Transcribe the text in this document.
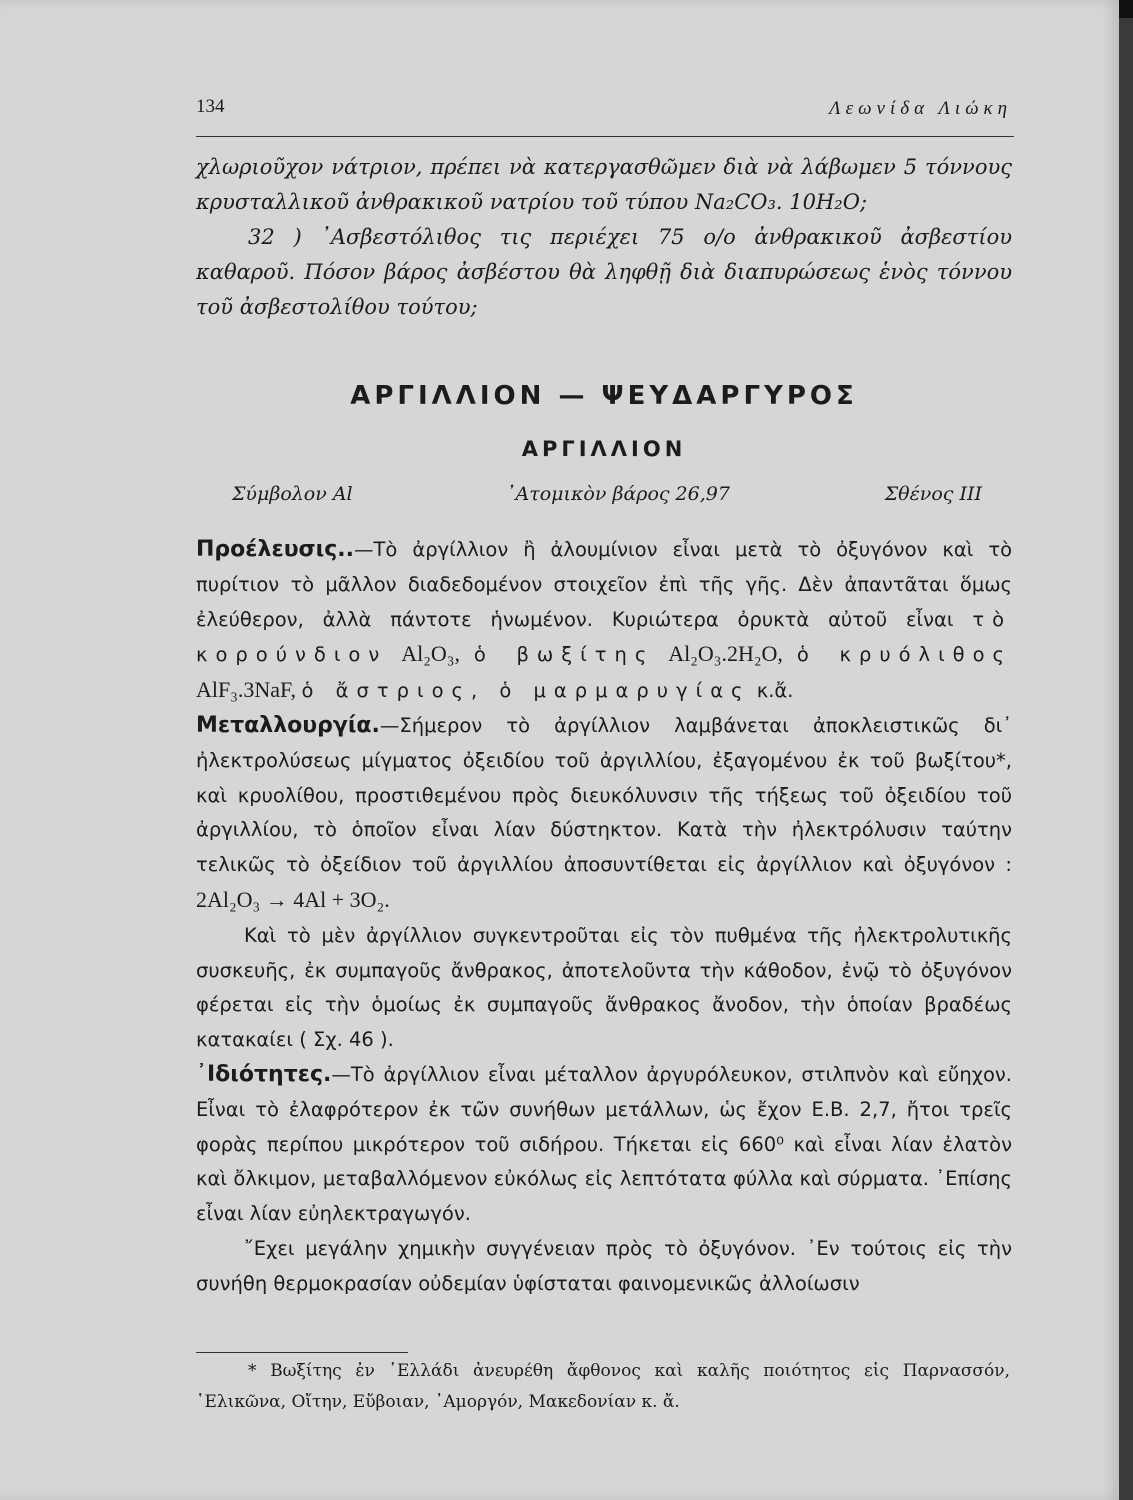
134	Λεωνίδα Λιώκη

χλωριοῦχον νάτριον, πρέπει νὰ κατεργασθῶμεν διὰ νὰ λάβωμεν 5 τόννους κρυσταλλικοῦ ἀνθρακικοῦ νατρίου τοῦ τύπου Na₂CO₃. 10H₂O;

32 ) ᾿Ασβεστόλιθος τις περιέχει 75 ο/ο ἀνθρακικοῦ ἀσβεστίου καθαροῦ. Πόσον βάρος ἀσβέστου θὰ ληφθῇ διὰ διαπυρώσεως ἑνὸς τόννου τοῦ ἀσβεστολίθου τούτου;

ΑΡΓΙΛΛΙΟΝ — ΨΕΥΔΑΡΓΥΡΟΣ
ΑΡΓΙΛΛΙΟΝ
Σύμβολον Al	᾿Ατομικὸν βάρος 26,97	Σθένος III

Προέλευσις..—Τὸ ἀργίλλιον ἢ ἀλουμίνιον εἶναι μετὰ τὸ ὀξυγόνον καὶ τὸ πυρίτιον τὸ μᾶλλον διαδεδομένον στοιχεῖον ἐπὶ τῆς γῆς. Δὲν ἀπαντᾶται ὅμως ἐλεύθερον, ἀλλὰ πάντοτε ἡνωμένον. Κυριώτερα ὀρυκτὰ αὐτοῦ εἶναι τὸ κορούνδιον Al₂O₃, ὁ βωξίτης Al₂O₃.2H₂O, ὁ κρυόλιθος AlF₃.3NaF, ὁ ἄστριος, ὁ μαρμαρυγίας κ.ἄ.

Μεταλλουργία.—Σήμερον τὸ ἀργίλλιον λαμβάνεται ἀποκλειστικῶς δι᾿ ἠλεκτρολύσεως μίγματος ὀξειδίου τοῦ ἀργιλλίου, ἐξαγομένου ἐκ τοῦ βωξίτου*, καὶ κρυολίθου, προστιθεμένου πρὸς διευκόλυνσιν τῆς τήξεως τοῦ ὀξειδίου τοῦ ἀργιλλίου, τὸ ὁποῖον εἶναι λίαν δύστηκτον. Κατὰ τὴν ἠλεκτρόλυσιν ταύτην τελικῶς τὸ ὀξείδιον τοῦ ἀργιλλίου ἀποσυντίθεται εἰς ἀργίλλιον καὶ ὀξυγόνον : 2Al₂O₃ → 4Al + 3O₂.

Καὶ τὸ μὲν ἀργίλλιον συγκεντροῦται εἰς τὸν πυθμένα τῆς ἠλεκτρολυτικῆς συσκευῆς, ἐκ συμπαγοῦς ἄνθρακος, ἀποτελοῦντα τὴν κάθοδον, ἐνῷ τὸ ὀξυγόνον φέρεται εἰς τὴν ὁμοίως ἐκ συμπαγοῦς ἄνθρακος ἄνοδον, τὴν ὁποίαν βραδέως κατακαίει ( Σχ. 46 ).

᾿Ιδιότητες.—Τὸ ἀργίλλιον εἶναι μέταλλον ἀργυρόλευκον, στιλπνὸν καὶ εὔηχον. Εἶναι τὸ ἐλαφρότερον ἐκ τῶν συνήθων μετάλλων, ὡς ἔχον Ε.Β. 2,7, ἤτοι τρεῖς φορὰς περίπου μικρότερον τοῦ σιδήρου. Τήκεται εἰς 660⁰ καὶ εἶναι λίαν ἐλατὸν καὶ ὄλκιμον, μεταβαλλόμενον εὐκόλως εἰς λεπτότατα φύλλα καὶ σύρματα. ᾿Επίσης εἶναι λίαν εὐηλεκτραγωγόν.

῎Εχει μεγάλην χημικὴν συγγένειαν πρὸς τὸ ὀξυγόνον. ᾿Εν τούτοις εἰς τὴν συνήθη θερμοκρασίαν οὐδεμίαν ὑφίσταται φαινομενικῶς ἀλλοίωσιν

* Βωξίτης ἐν ῾Ελλάδι ἀνευρέθη ἄφθονος καὶ καλῆς ποιότητος εἰς Παρνασσόν, ῾Ελικῶνα, Οἴτην, Εὔβοιαν, ᾿Αμοργόν, Μακεδονίαν κ. ἄ.
